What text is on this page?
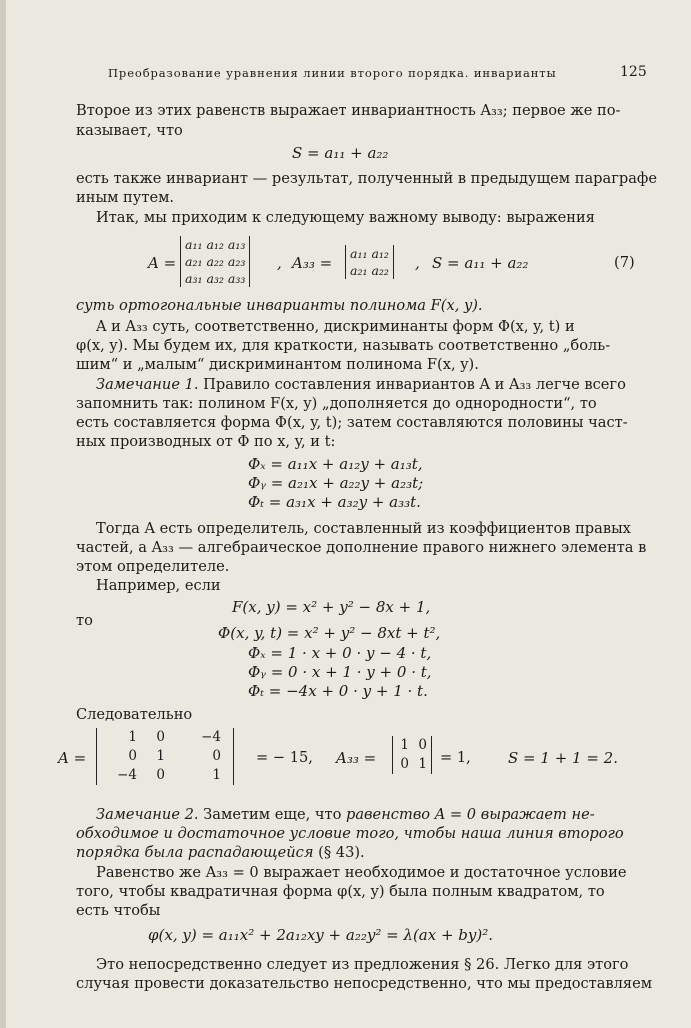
Преобразование уравнения линии второго порядка. инварианты	125
Второе из этих равенств выражает инвариантность A₃₃; первое же по-
казывает, что
S = a₁₁ + a₂₂
есть также инвариант — результат, полученный в предыдущем параграфе
иным путем.
Итак, мы приходим к следующему важному выводу: выражения
A =
a₁₁ a₁₂ a₁₃
a₂₁ a₂₂ a₂₃
a₃₁ a₃₂ a₃₃
, A₃₃ =
a₁₁ a₁₂
a₂₁ a₂₂ , S = a₁₁ + a₂₂	(7)
суть ортогональные инварианты полинома F(x, y).
A и A₃₃ суть, соответственно, дискриминанты форм Φ(x, y, t) и
φ(x, y). Мы будем их, для краткости, называть соответственно „боль-
шим“ и „малым“ дискриминантом полинома F(x, y).
Замечание 1. Правило составления инвариантов A и A₃₃ легче всего
запомнить так: полином F(x, y) „дополняется до однородности“, то
есть составляется форма Φ(x, y, t); затем составляются половины част-
ных производных от Φ по x, y, и t:
Φₓ = a₁₁x + a₁₂y + a₁₃t,
Φᵧ = a₂₁x + a₂₂y + a₂₃t;
Φₜ = a₃₁x + a₃₂y + a₃₃t.
Тогда A есть определитель, составленный из коэффициентов правых
частей, а A₃₃ — алгебраическое дополнение правого нижнего элемента в
этом определителе.
Например, если
F(x, y) = x² + y² − 8x + 1,
то
Φ(x, y, t) = x² + y² − 8xt + t²,
Φₓ = 1 · x + 0 · y − 4 · t,
Φᵧ = 0 · x + 1 · y + 0 · t,
Φₜ = −4x + 0 · y + 1 · t.
Следовательно
A =
1 0	−4
0 1	0
−4 0	1
= − 15, A₃₃ =
1 0
0 1 = 1, S = 1 + 1 = 2.
Замечание 2. Заметим еще, что равенство A = 0 выражает не-
обходимое и достаточное условие того, чтобы наша линия второго
порядка была распадающейся (§ 43).
Равенство же A₃₃ = 0 выражает необходимое и достаточное условие
того, чтобы квадратичная форма φ(x, y) была полным квадратом, то
есть чтобы
φ(x, y) = a₁₁x² + 2a₁₂xy + a₂₂y² = λ(ax + by)².
Это непосредственно следует из предложения § 26. Легко для этого
случая провести доказательство непосредственно, что мы предоставляем
